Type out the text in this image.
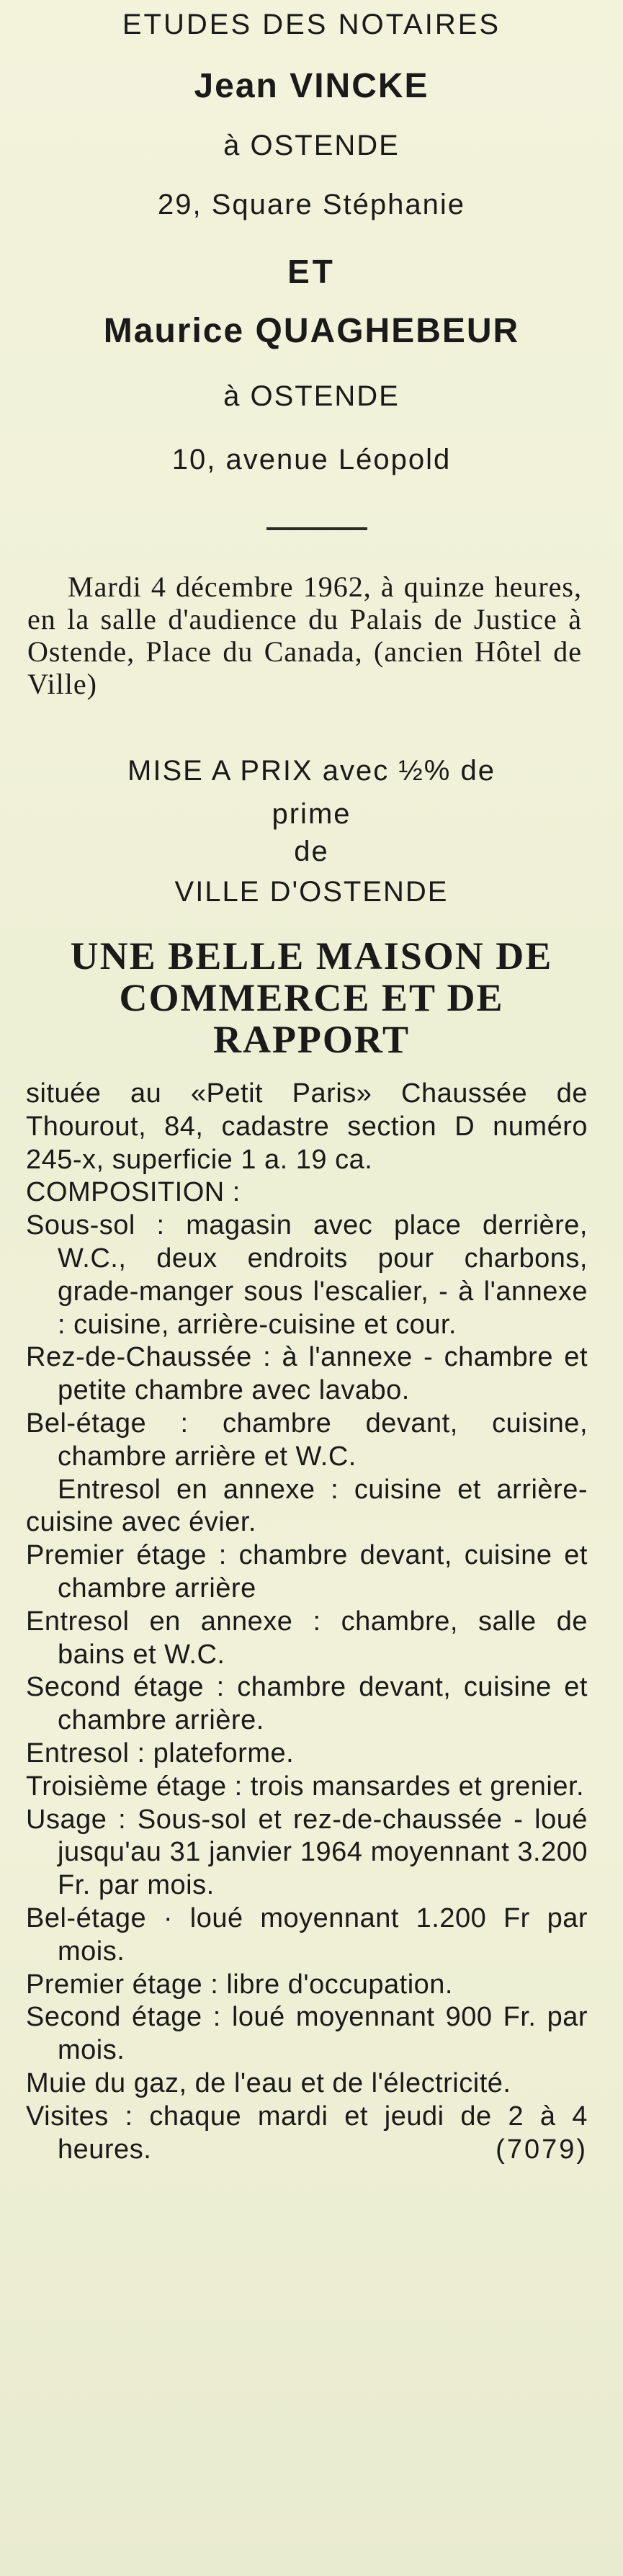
ETUDES DES NOTAIRES
Jean VINCKE
à OSTENDE
29, Square Stéphanie
ET
Maurice QUAGHEBEUR
à OSTENDE
10, avenue Léopold
Mardi 4 décembre 1962, à quinze heures, en la salle d'audience du Palais de Justice à Ostende, Place du Canada, (ancien Hôtel de Ville)
MISE A PRIX avec ½% de
prime
de
VILLE D'OSTENDE
UNE BELLE MAISON DE
COMMERCE ET DE
RAPPORT

située au «Petit Paris» Chaussée de Thourout, 84, cadastre section D numéro 245-x, superficie 1 a. 19 ca.

COMPOSITION :

Sous-sol : magasin avec place derrière, W.C., deux endroits pour charbons, grade-manger sous l'escalier, - à l'annexe : cuisine, arrière-cuisine et cour.

Rez-de-Chaussée : à l'annexe - chambre et petite chambre avec lavabo.

Bel-étage : chambre devant, cuisine, chambre arrière et W.C.

Entresol en annexe : cuisine et arrière-cuisine avec évier.

Premier étage : chambre devant, cuisine et chambre arrière

Entresol en annexe : chambre, salle de bains et W.C.

Second étage : chambre devant, cuisine et chambre arrière.

Entresol : plateforme.

Troisième étage : trois mansardes et grenier.

Usage : Sous-sol et rez-de-chaussée - loué jusqu'au 31 janvier 1964 moyennant 3.200 Fr. par mois.

Bel-étage · loué moyennant 1.200 Fr par mois.

Premier étage : libre d'occupation.

Second étage : loué moyennant 900 Fr. par mois.

Muie du gaz, de l'eau et de l'électricité.

Visites : chaque mardi et jeudi de 2 à 4 heures.	(7079)
